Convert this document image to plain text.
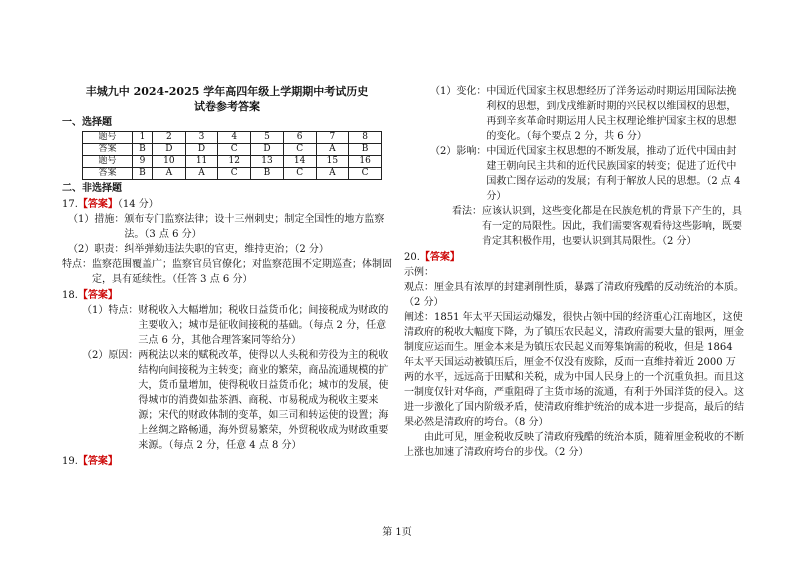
丰城九中 2024-2025 学年高四年级上学期期中考试历史
试卷参考答案
一、选择题
题号	1	2	3	4	5	6	7	8
答案	B	D	D	C	D	C	A	B
题号	9	10	11	12	13	14	15	16
答案	B	A	A	C	B	C	A	C
二、非选择题
17.【答案】（14 分）
（1）措施： 颁布专门监察法律；设十三州刺史；制定全国性的地方监察法。（3 点 6 分）
（2）职责： 纠举弹劾违法失职的官吏，维持吏治；（2 分）
特点： 监察范围覆盖广；监察官员官僚化；对监察范围不定期巡查；体制固定，具有延续性。（任答 3 点 6 分）
18.【答案】
（1）特点： 财税收入大幅增加；税收日益货币化；间接税成为财政的主要收入；城市是征收间接税的基础。（每点 2 分，任意三点 6 分，其他合理答案同等给分）
（2）原因： 两税法以来的赋税改革，使得以人头税和劳役为主的税收结构向间接税为主转变；商业的繁荣，商品流通规模的扩大，货币量增加，使得税收日益货币化；城市的发展，使得城市的消费如盐茶酒、商税、市易税成为税收主要来源；宋代的财政体制的变革，如三司和转运使的设置；海上丝绸之路畅通，海外贸易繁荣，外贸税收成为财政重要来源。（每点 2 分，任意 4 点 8 分）
19.【答案】
（1）变化： 中国近代国家主权思想经历了洋务运动时期运用国际法挽利权的思想，到戊戌维新时期的兴民权以维国权的思想，再到辛亥革命时期运用人民主权理论维护国家主权的思想的变化。（每个要点 2 分，共 6 分）
（2）影响： 中国近代国家主权思想的不断发展，推动了近代中国由封建王朝向民主共和的近代民族国家的转变；促进了近代中国救亡图存运动的发展；有利于解放人民的思想。（2 点 4 分）
看法： 应该认识到，这些变化都是在民族危机的背景下产生的，具有一定的局限性。因此，我们需要客观看待这些影响，既要肯定其积极作用，也要认识到其局限性。（2 分）
20.【答案】

示例：

观点：厘金具有浓厚的封建剥削性质，暴露了清政府残酷的反动统治的本质。（2 分）

阐述：1851 年太平天国运动爆发，很快占领中国的经济重心江南地区，这使清政府的税收大幅度下降，为了镇压农民起义，清政府需要大量的银两，厘金制度应运而生。厘金本来是为镇压农民起义而筹集饷需的税收，但是 1864 年太平天国运动被镇压后，厘金不仅没有废除，反而一直维持着近 2000 万两的水平，远远高于田赋和关税，成为中国人民身上的一个沉重负担。而且这一制度仅针对华商，严重阻碍了主货市场的流通，有利于外国洋货的侵入。这进一步激化了国内阶级矛盾，使清政府维护统治的成本进一步提高，最后的结果必然是清政府的垮台。（8 分）

由此可见，厘金税收反映了清政府残酷的统治本质，随着厘金税收的不断上涨也加速了清政府垮台的步伐。（2 分）

第 1页
